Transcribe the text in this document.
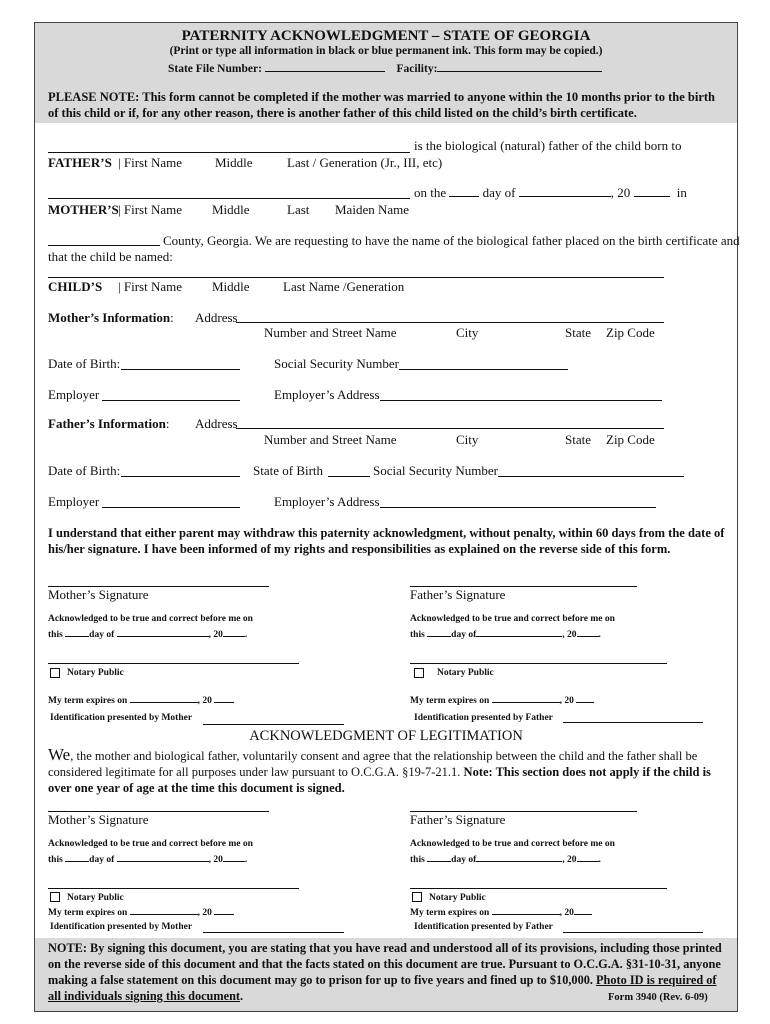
PATERNITY ACKNOWLEDGMENT – STATE OF GEORGIA
(Print or type all information in black or blue permanent ink. This form may be copied.)
State File Number:	Facility:
PLEASE NOTE: This form cannot be completed if the mother was married to anyone within the 10 months prior to the birth of this child or if, for any other reason, there is another father of this child listed on the child’s birth certificate.
is the biological (natural) father of the child born to
FATHER’S | First Name	Middle	Last / Generation (Jr., III, etc)
on the	day of	, 20	in
MOTHER’S | First Name Middle	Last Maiden Name
County, Georgia. We are requesting to have the name of the biological father placed on the birth certificate and
that the child be named:
CHILD’S | First Name Middle	Last Name /Generation
Mother’s Information: Address
Number and Street Name	City	State Zip Code
Date of Birth:	Social Security Number
Employer	Employer’s Address
Father’s Information: Address
Number and Street Name	City	State Zip Code
Date of Birth:	State of Birth	Social Security Number
Employer	Employer’s Address
I understand that either parent may withdraw this paternity acknowledgment, without penalty, within 60 days from the date of his/her signature. I have been informed of my rights and responsibilities as explained on the reverse side of this form.
Mother’s Signature	Father’s Signature
Acknowledged to be true and correct before me on
this	day of	, 20 .
Acknowledged to be true and correct before me on
this	day of	, 20 .
Notary Public	Notary Public
My term expires on	, 20	My term expires on	, 20
Identification presented by Mother	Identification presented by Father
ACKNOWLEDGMENT OF LEGITIMATION
We, the mother and biological father, voluntarily consent and agree that the relationship between the child and the father shall be considered legitimate for all purposes under law pursuant to O.C.G.A. §19-7-21.1. Note: This section does not apply if the child is over one year of age at the time this document is signed.
Mother’s Signature	Father’s Signature
Acknowledged to be true and correct before me on
this	day of	, 20 .
Acknowledged to be true and correct before me on
this	day of	, 20 .
Notary Public	Notary Public
My term expires on	, 20	My term expires on	, 20
Identification presented by Mother	Identification presented by Father
NOTE: By signing this document, you are stating that you have read and understood all of its provisions, including those printed on the reverse side of this document and that the facts stated on this document are true. Pursuant to O.C.G.A. §31-10-31, anyone making a false statement on this document may go to prison for up to five years and fined up to $10,000. Photo ID is required of all individuals signing this document.	Form 3940 (Rev. 6-09)
